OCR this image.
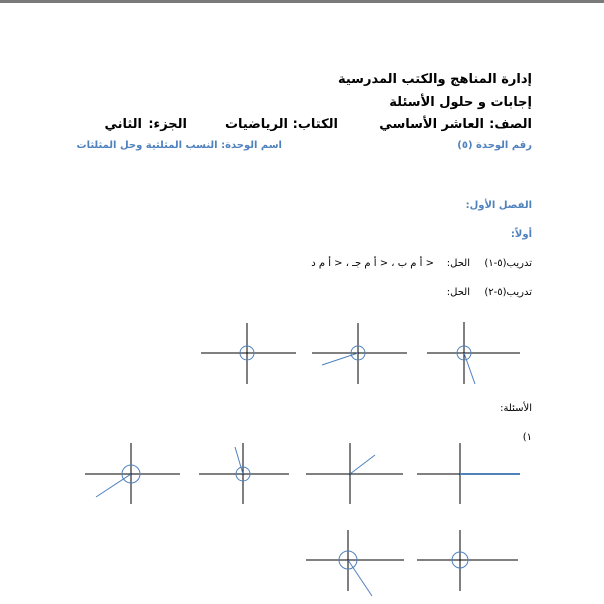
إدارة المناهج والكتب المدرسية
إجابات و حلول الأسئلة
الصف:
العاشر الأساسي
الكتاب:
الرياضيات
الجزء:
الثاني
رقم الوحدة (٥)
اسم الوحدة: النسب المثلثية وحل المثلثات
الفصل الأول:
أولاً:
تدريب(٥-١)
الحل:
< أ م ب ، < أ م جـ ، < أ م د
تدريب(٥-٢)
الحل:
الأسئلة:
١)
